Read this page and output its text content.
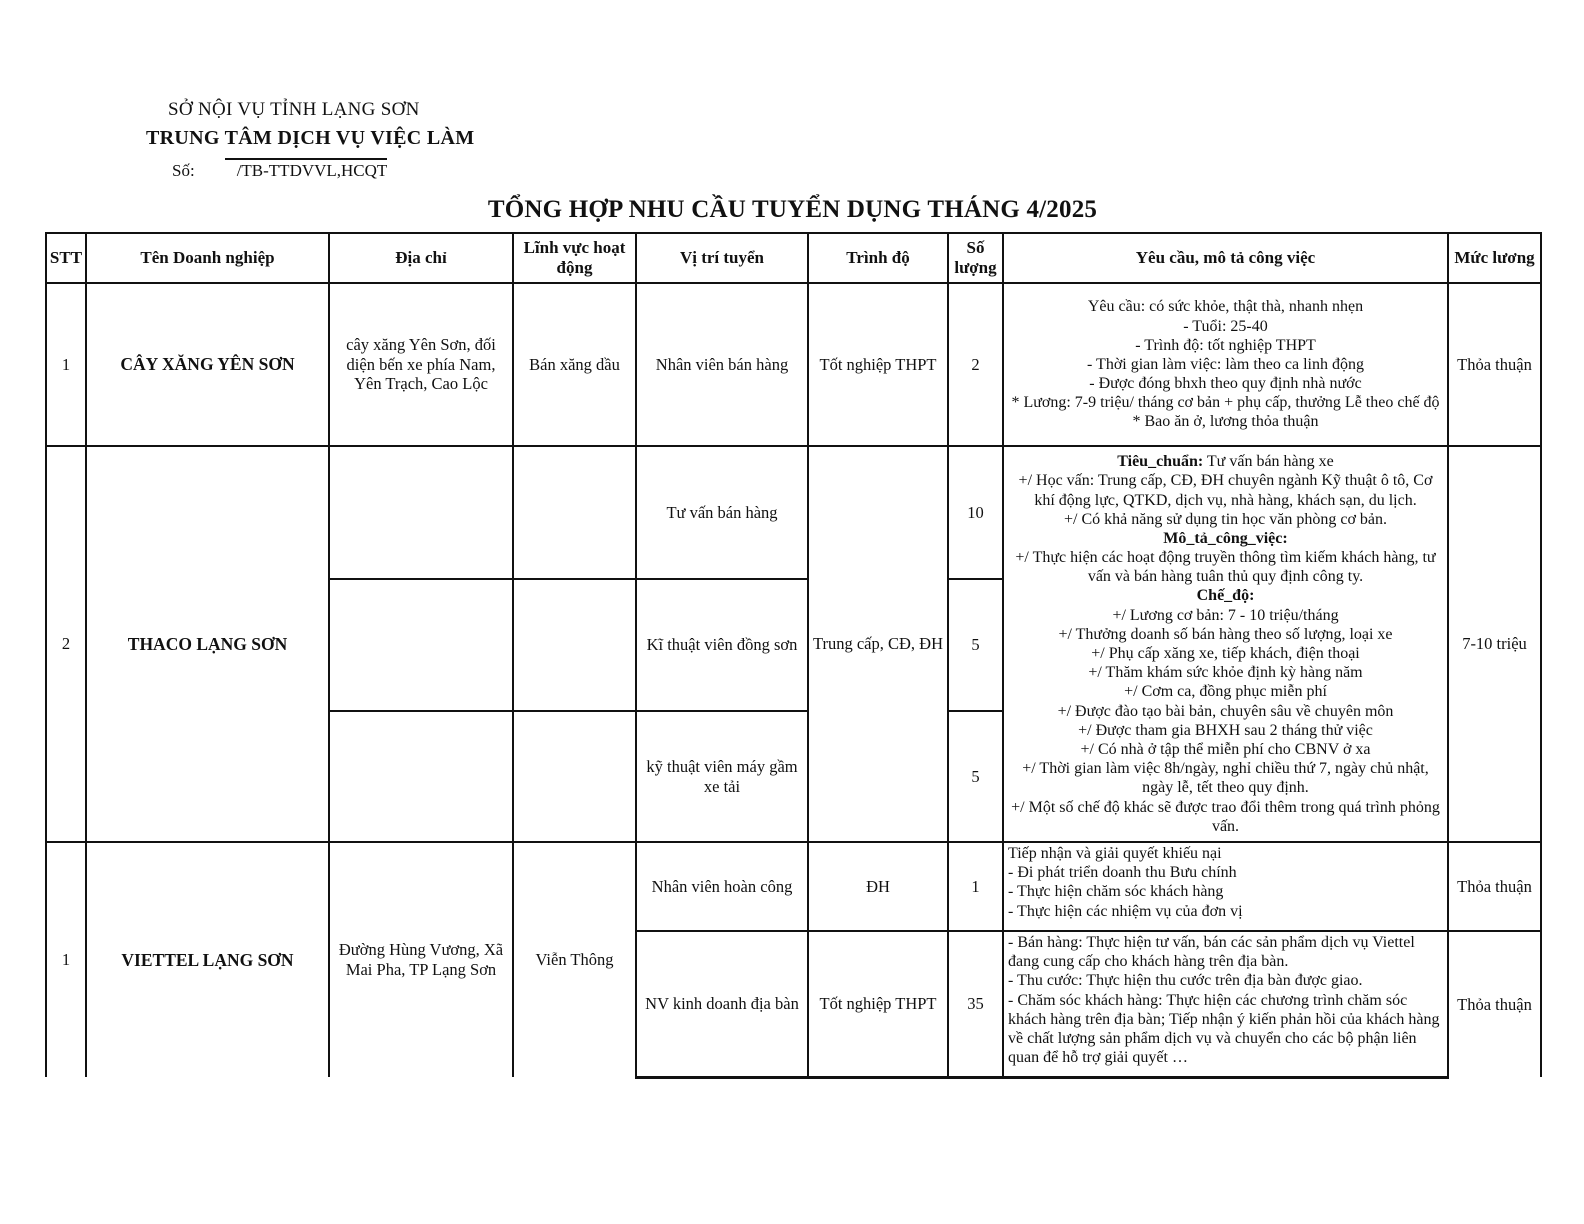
SỞ NỘI VỤ TỈNH LẠNG SƠN
TRUNG TÂM DỊCH VỤ VIỆC LÀM
Số: /TB-TTDVVL,HCQT
TỔNG HỢP NHU CẦU TUYỂN DỤNG THÁNG 4/2025
STT	Tên Doanh nghiệp	Địa chỉ	Lĩnh vực hoạt động	Vị trí tuyển	Trình độ	Số lượng	Yêu cầu, mô tả công việc	Mức lương
1	CÂY XĂNG YÊN SƠN	cây xăng Yên Sơn, đối diện bến xe phía Nam, Yên Trạch, Cao Lộc	Bán xăng dầu	Nhân viên bán hàng	Tốt nghiệp THPT	2	
Yêu cầu: có sức khỏe, thật thà, nhanh nhẹn
- Tuổi: 25-40
- Trình độ: tốt nghiệp THPT
- Thời gian làm việc: làm theo ca linh động
- Được đóng bhxh theo quy định nhà nước
* Lương: 7-9 triệu/ tháng cơ bản + phụ cấp, thưởng Lễ theo chế độ
* Bao ăn ở, lương thỏa thuận
	Thỏa thuận
2	THACO LẠNG SƠN			Tư vấn bán hàng	Trung cấp, CĐ, ĐH	10	
Tiêu_chuẩn: Tư vấn bán hàng xe
+/ Học vấn: Trung cấp, CĐ, ĐH chuyên ngành Kỹ thuật ô tô, Cơ khí động lực, QTKD, dịch vụ, nhà hàng, khách sạn, du lịch.
+/ Có khả năng sử dụng tin học văn phòng cơ bản.
Mô_tả_công_việc:
+/ Thực hiện các hoạt động truyền thông tìm kiếm khách hàng, tư vấn và bán hàng tuân thủ quy định công ty.
Chế_độ:
+/ Lương cơ bản: 7 - 10 triệu/tháng
+/ Thưởng doanh số bán hàng theo số lượng, loại xe
+/ Phụ cấp xăng xe, tiếp khách, điện thoại
+/ Thăm khám sức khỏe định kỳ hàng năm
+/ Cơm ca, đồng phục miễn phí
+/ Được đào tạo bài bản, chuyên sâu về chuyên môn
+/ Được tham gia BHXH sau 2 tháng thử việc
+/ Có nhà ở tập thể miễn phí cho CBNV ở xa
+/ Thời gian làm việc 8h/ngày, nghỉ chiều thứ 7, ngày chủ nhật, ngày lễ, tết theo quy định.
+/ Một số chế độ khác sẽ được trao đổi thêm trong quá trình phỏng vấn.
	7-10 triệu
				Kĩ thuật viên đồng sơn		5		
				kỹ thuật viên máy gầm xe tải		5		
1	VIETTEL LẠNG SƠN	Đường Hùng Vương, Xã Mai Pha, TP Lạng Sơn	Viễn Thông	Nhân viên hoàn công	ĐH	1	Tiếp nhận và giải quyết khiếu nại
- Đi phát triển doanh thu Bưu chính
- Thực hiện chăm sóc khách hàng
- Thực hiện các nhiệm vụ của đơn vị	Thỏa thuận
				NV kinh doanh địa bàn	Tốt nghiệp THPT	35	- Bán hàng: Thực hiện tư vấn, bán các sản phẩm dịch vụ Viettel đang cung cấp cho khách hàng trên địa bàn.
- Thu cước: Thực hiện thu cước trên địa bàn được giao.
- Chăm sóc khách hàng: Thực hiện các chương trình chăm sóc khách hàng trên địa bàn; Tiếp nhận ý kiến phản hồi của khách hàng về chất lượng sản phẩm dịch vụ và chuyển cho các bộ phận liên quan để hỗ trợ giải quyết …	Thỏa thuận
